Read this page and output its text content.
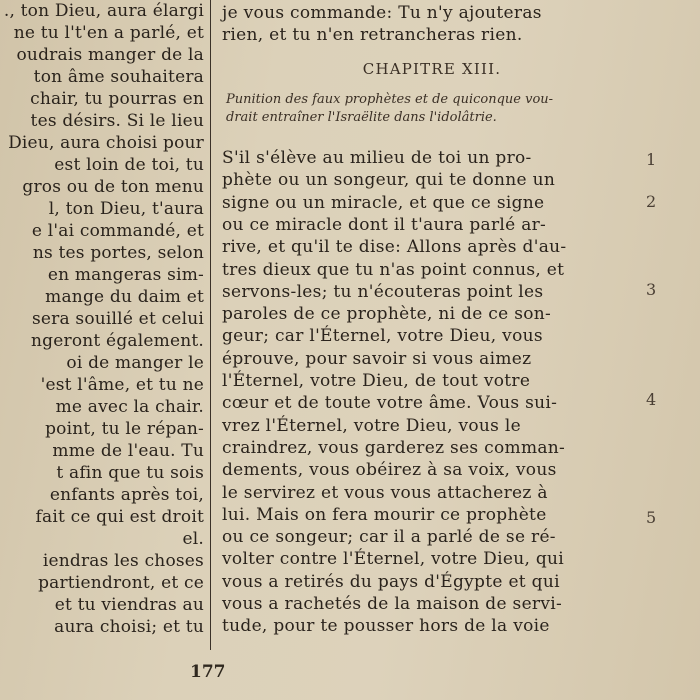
., ton Dieu, aura élargi
ne tu l't'en a parlé, et
oudrais manger de la
ton âme souhaitera
chair, tu pourras en
tes désirs. Si le lieu
Dieu, aura choisi pour
est loin de toi, tu
gros ou de ton menu
l, ton Dieu, t'aura
e l'ai commandé, et
ns tes portes, selon
en mangeras sim-
mange du daim et
sera souillé et celui
ngeront également.
oi de manger le
'est l'âme, et tu ne
me avec la chair.
point, tu le répan-
mme de l'eau. Tu
t afin que tu sois
enfants après toi,
fait ce qui est droit
el.
iendras les choses
partiendront, et ce
et tu viendras au
aura choisi; et tu
je vous commande: Tu n'y ajouteras
rien, et tu n'en retrancheras rien.
CHAPITRE XIII.
Punition des faux prophètes et de quiconque vou-
drait entraîner l'Israëlite dans l'idolâtrie.
S'il s'élève au milieu de toi un pro-
phète ou un songeur, qui te donne un
signe ou un miracle, et que ce signe
ou ce miracle dont il t'aura parlé ar-
rive, et qu'il te dise: Allons après d'au-
tres dieux que tu n'as point connus, et
servons-les; tu n'écouteras point les
paroles de ce prophète, ni de ce son-
geur; car l'Éternel, votre Dieu, vous
éprouve, pour savoir si vous aimez
l'Éternel, votre Dieu, de tout votre
cœur et de toute votre âme. Vous sui-
vrez l'Éternel, votre Dieu, vous le
craindrez, vous garderez ses comman-
dements, vous obéirez à sa voix, vous
le servirez et vous vous attacherez à
lui. Mais on fera mourir ce prophète
ou ce songeur; car il a parlé de se ré-
volter contre l'Éternel, votre Dieu, qui
vous a retirés du pays d'Égypte et qui
vous a rachetés de la maison de servi-
tude, pour te pousser hors de la voie
1
2
3
4
5
177
